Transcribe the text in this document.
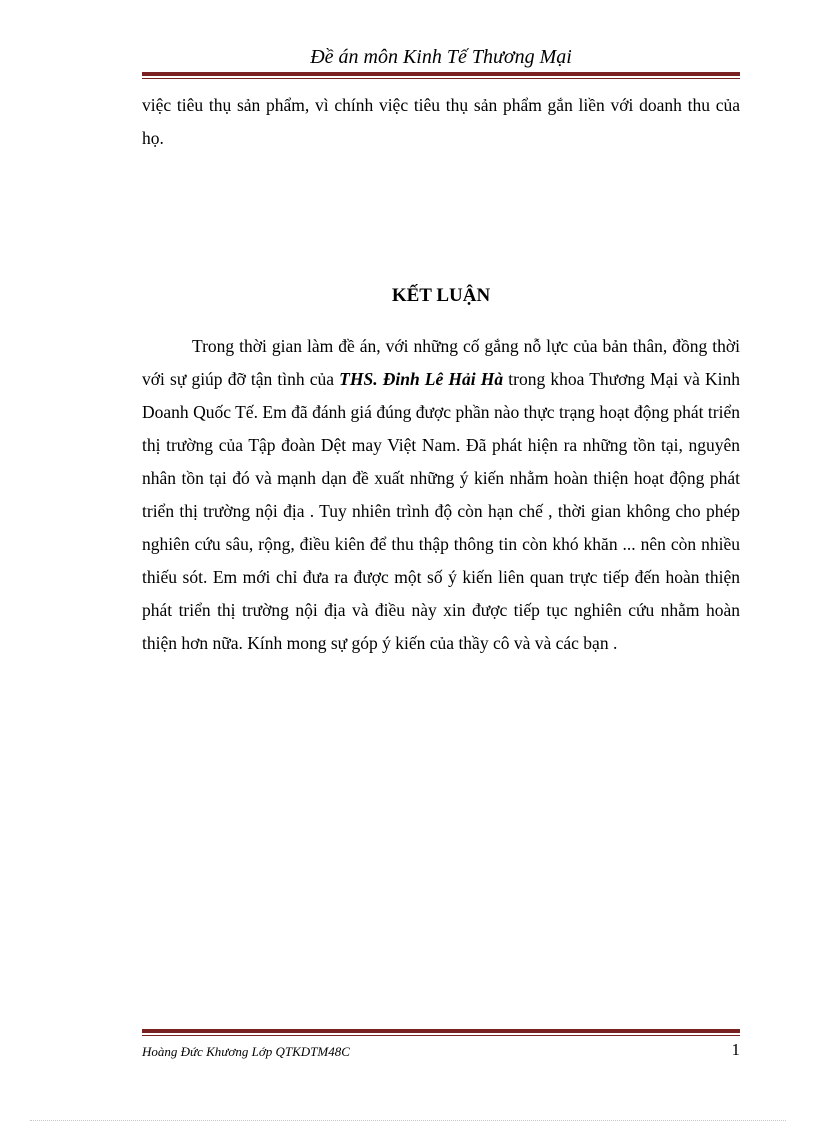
Đề án môn Kinh Tế Thương Mại
việc tiêu thụ sản phẩm, vì chính việc tiêu thụ sản phẩm gắn liền với doanh thu của họ.
KẾT LUẬN
Trong thời gian làm đề án, với những cố gắng nỗ lực của bản thân, đồng thời với sự giúp đỡ tận tình của THS. Đinh Lê Hải Hà trong khoa Thương Mại và Kinh Doanh Quốc Tế. Em đã đánh giá đúng được phần nào thực trạng hoạt động phát triển thị trường của Tập đoàn Dệt may Việt Nam. Đã phát hiện ra những tồn tại, nguyên nhân tồn tại đó và mạnh dạn đề xuất những ý kiến nhằm hoàn thiện hoạt động phát triển thị trường nội địa . Tuy nhiên trình độ còn hạn chế , thời gian không cho phép nghiên cứu sâu, rộng, điều kiên để thu thập thông tin còn khó khăn ... nên còn nhiều thiếu sót. Em mới chỉ đưa ra được một số ý kiến liên quan trực tiếp đến hoàn thiện phát triển thị trường nội địa và điều này xin được tiếp tục nghiên cứu nhằm hoàn thiện hơn nữa. Kính mong sự góp ý kiến của thầy cô và và các bạn .
Hoàng Đức Khương Lớp QTKDTM48C	1
